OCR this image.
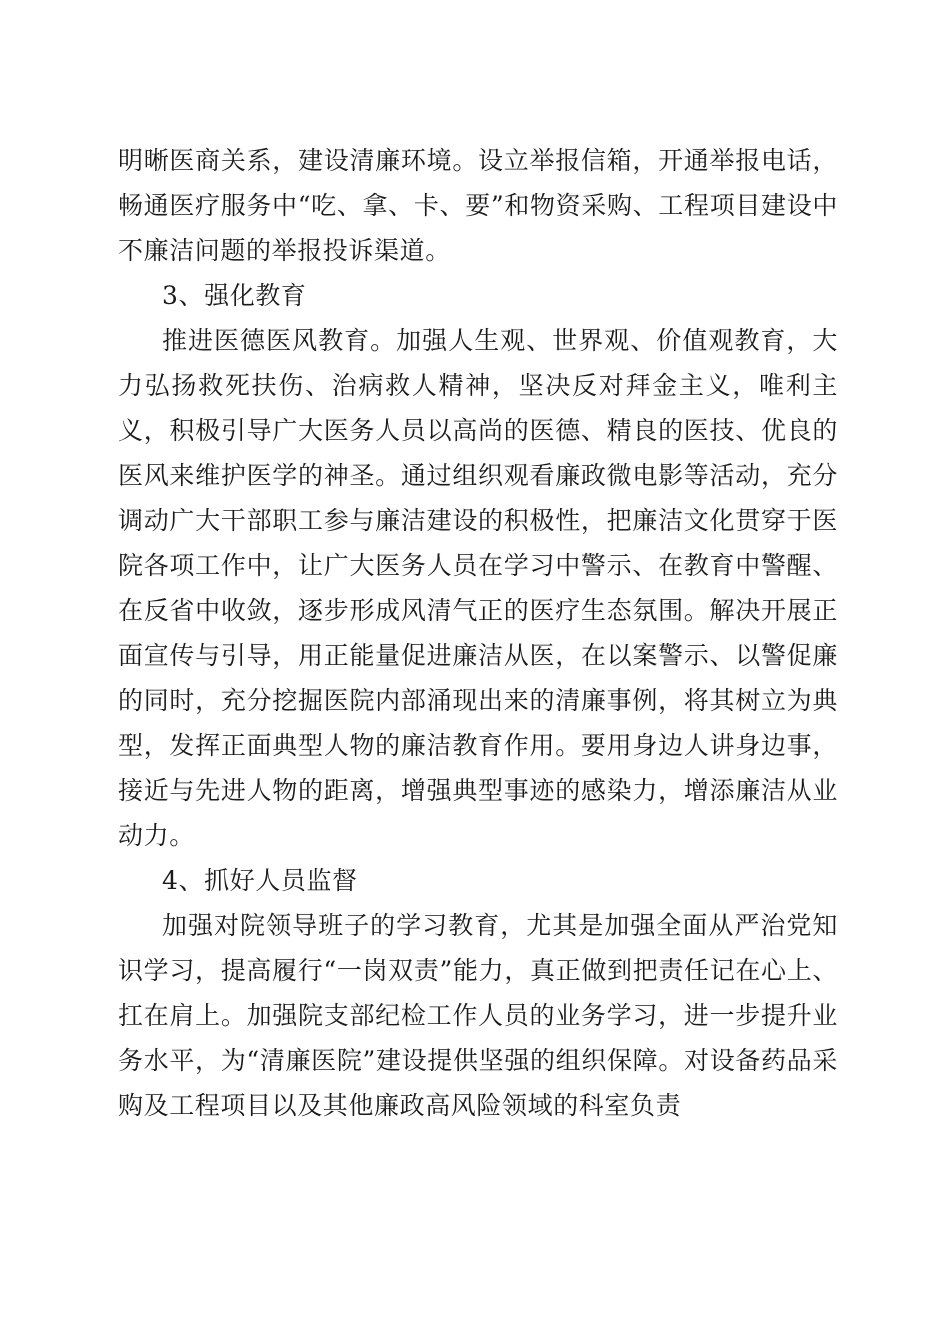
明晰医商关系，建设清廉环境。设立举报信箱，开通举报电话，畅通医疗服务中“吃、拿、卡、要”和物资采购、工程项目建设中不廉洁问题的举报投诉渠道。

3、强化教育

推进医德医风教育。加强人生观、世界观、价值观教育，大力弘扬救死扶伤、治病救人精神，坚决反对拜金主义，唯利主义，积极引导广大医务人员以高尚的医德、精良的医技、优良的医风来维护医学的神圣。通过组织观看廉政微电影等活动，充分调动广大干部职工参与廉洁建设的积极性，把廉洁文化贯穿于医院各项工作中，让广大医务人员在学习中警示、在教育中警醒、在反省中收敛，逐步形成风清气正的医疗生态氛围。解决开展正面宣传与引导，用正能量促进廉洁从医，在以案警示、以警促廉的同时，充分挖掘医院内部涌现出来的清廉事例，将其树立为典型，发挥正面典型人物的廉洁教育作用。要用身边人讲身边事，接近与先进人物的距离，增强典型事迹的感染力，增添廉洁从业动力。

4、抓好人员监督

加强对院领导班子的学习教育，尤其是加强全面从严治党知识学习，提高履行“一岗双责”能力，真正做到把责任记在心上、扛在肩上。加强院支部纪检工作人员的业务学习，进一步提升业务水平，为“清廉医院”建设提供坚强的组织保障。对设备药品采购及工程项目以及其他廉政高风险领域的科室负责
